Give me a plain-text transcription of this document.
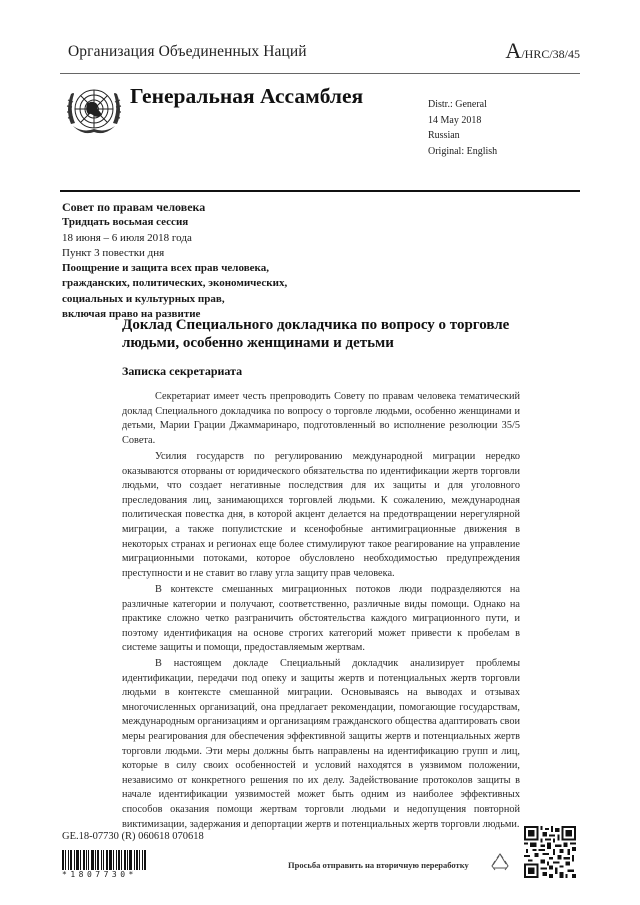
Организация Объединенных Наций	A/HRC/38/45
Генеральная Ассамблея	Distr.: General
14 May 2018
Russian
Original: English
Совет по правам человека
Тридцать восьмая сессия
18 июня – 6 июля 2018 года
Пункт 3 повестки дня
Поощрение и защита всех прав человека,
гражданских, политических, экономических,
социальных и культурных прав,
включая право на развитие
Доклад Специального докладчика по вопросу о торговле
людьми, особенно женщинами и детьми
Записка секретариата

Секретариат имеет честь препроводить Совету по правам человека тематический доклад Специального докладчика по вопросу о торговле людьми, особенно женщинами и детьми, Марии Грации Джаммаринаро, подготовленный во исполнение резолюции 35/5 Совета.

Усилия государств по регулированию международной миграции нередко оказываются оторваны от юридического обязательства по идентификации жертв торговли людьми, что создает негативные последствия для их защиты и для уголовного преследования лиц, занимающихся торговлей людьми. К сожалению, международная политическая повестка дня, в которой акцент делается на предотвращении нерегулярной миграции, а также популистские и ксенофобные антимиграционные движения в некоторых странах и регионах еще более стимулируют такое реагирование на управление миграционными потоками, которое обусловлено необходимостью предупреждения преступности и не ставит во главу угла защиту прав человека.

В контексте смешанных миграционных потоков люди подразделяются на различные категории и получают, соответственно, различные виды помощи. Однако на практике сложно четко разграничить обстоятельства каждого миграционного пути, и поэтому идентификация на основе строгих категорий может привести к пробелам в системе защиты и помощи, предоставляемым жертвам.

В настоящем докладе Специальный докладчик анализирует проблемы идентификации, передачи под опеку и защиты жертв и потенциальных жертв торговли людьми в контексте смешанной миграции. Основываясь на выводах и отзывах многочисленных организаций, она предлагает рекомендации, помогающие государствам, международным организациям и организациям гражданского общества адаптировать свои меры реагирования для обеспечения эффективной защиты жертв и потенциальных жертв торговли людьми. Эти меры должны быть направлены на идентификацию групп и лиц, которые в силу своих особенностей и условий находятся в уязвимом положении, независимо от конкретного решения по их делу. Задействование протоколов защиты в начале идентификации уязвимостей может быть одним из наиболее эффективных способов оказания помощи жертвам торговли людьми и недопущения повторной виктимизации, задержания и депортации жертв и потенциальных жертв торговли людьми.

GE.18-07730 (R) 060618 070618
*1807730*
Просьба отправить на вторичную переработку
